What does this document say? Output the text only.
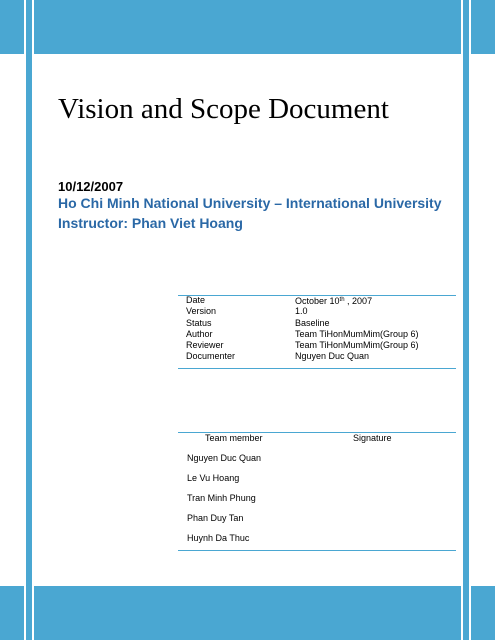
Vision and Scope Document
10/12/2007
Ho Chi Minh National University – International University
Instructor: Phan Viet Hoang
Date	October 10th , 2007
Version	1.0
Status	Baseline
Author	Team TiHonMumMim(Group 6)
Reviewer	Team TiHonMumMim(Group 6)
Documenter	Nguyen Duc Quan
Team member	Signature
Nguyen Duc Quan
Le Vu Hoang
Tran Minh Phung
Phan Duy Tan
Huynh Da Thuc
